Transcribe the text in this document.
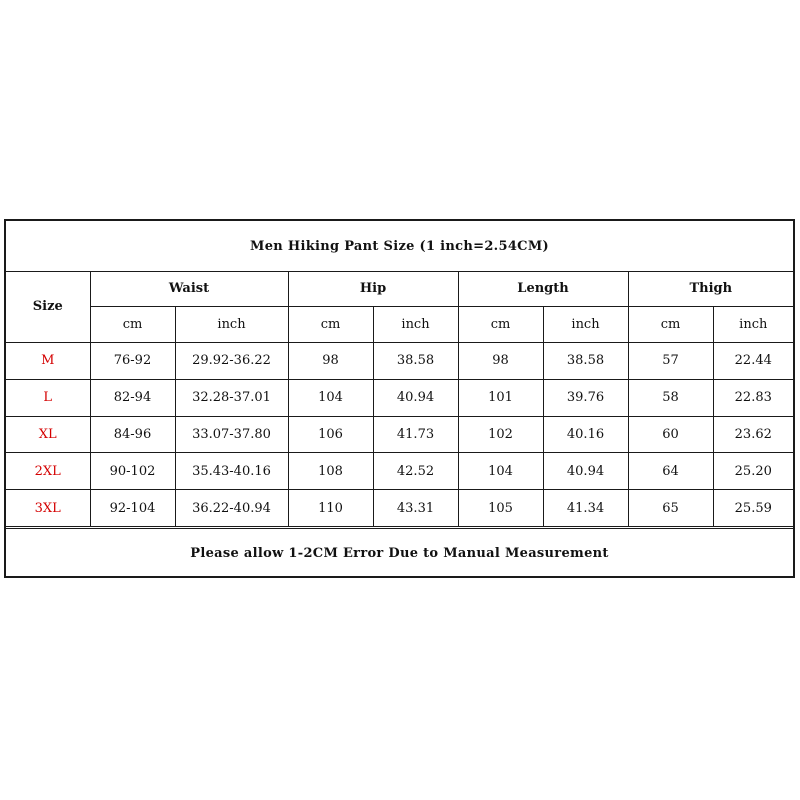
Men Hiking Pant Size (1 inch=2.54CM)
Size	Waist		Hip		Length		Thigh	
	cm	inch	cm	inch	cm	inch	cm	inch
M	76-92	29.92-36.22	98	38.58	98	38.58	57	22.44
L	82-94	32.28-37.01	104	40.94	101	39.76	58	22.83
XL	84-96	33.07-37.80	106	41.73	102	40.16	60	23.62
2XL	90-102	35.43-40.16	108	42.52	104	40.94	64	25.20
3XL	92-104	36.22-40.94	110	43.31	105	41.34	65	25.59
Please allow 1-2CM Error Due to Manual Measurement
